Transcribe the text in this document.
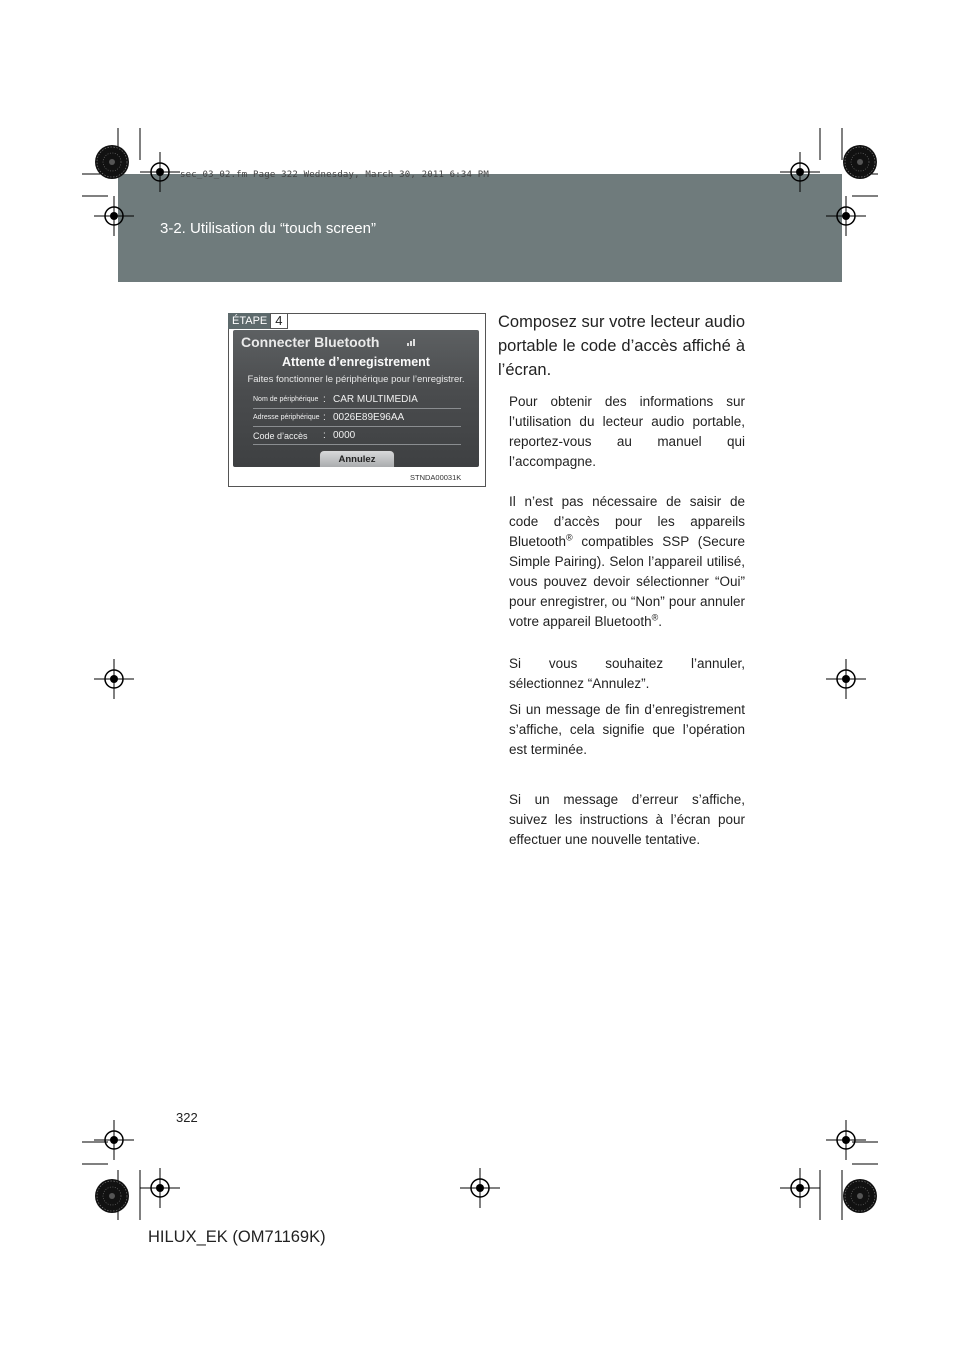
3-2. Utilisation du “touch screen”
sec_03_02.fm Page 322 Wednesday, March 30, 2011 6:34 PM
ÉTAPE 4
Connecter Bluetooth
Attente d’enregistrement
Faites fonctionner le périphérique pour l’enregistrer.
Nom de périphérique : CAR MULTIMEDIA
Adresse périphérique : 0026E89E96AA
Code d’accès	: 0000
Annulez
STNDA00031K
Composez sur votre lecteur audio portable le code d’accès affiché à l’écran.
Pour obtenir des informations sur l’utilisation du lecteur audio portable, reportez-vous au manuel qui l’accompagne.
Il n’est pas nécessaire de saisir de code d’accès pour les appareils Bluetooth® compatibles SSP (Secure Simple Pairing). Selon l’appareil utilisé, vous pouvez devoir sélectionner “Oui” pour enregistrer, ou “Non” pour annuler votre appareil Bluetooth®.
Si vous souhaitez l’annuler, sélectionnez “Annulez”.
Si un message de fin d’enregistrement s’affiche, cela signifie que l’opération est terminée.
Si un message d’erreur s’affiche, suivez les instructions à l’écran pour effectuer une nouvelle tentative.
322
HILUX_EK (OM71169K)
